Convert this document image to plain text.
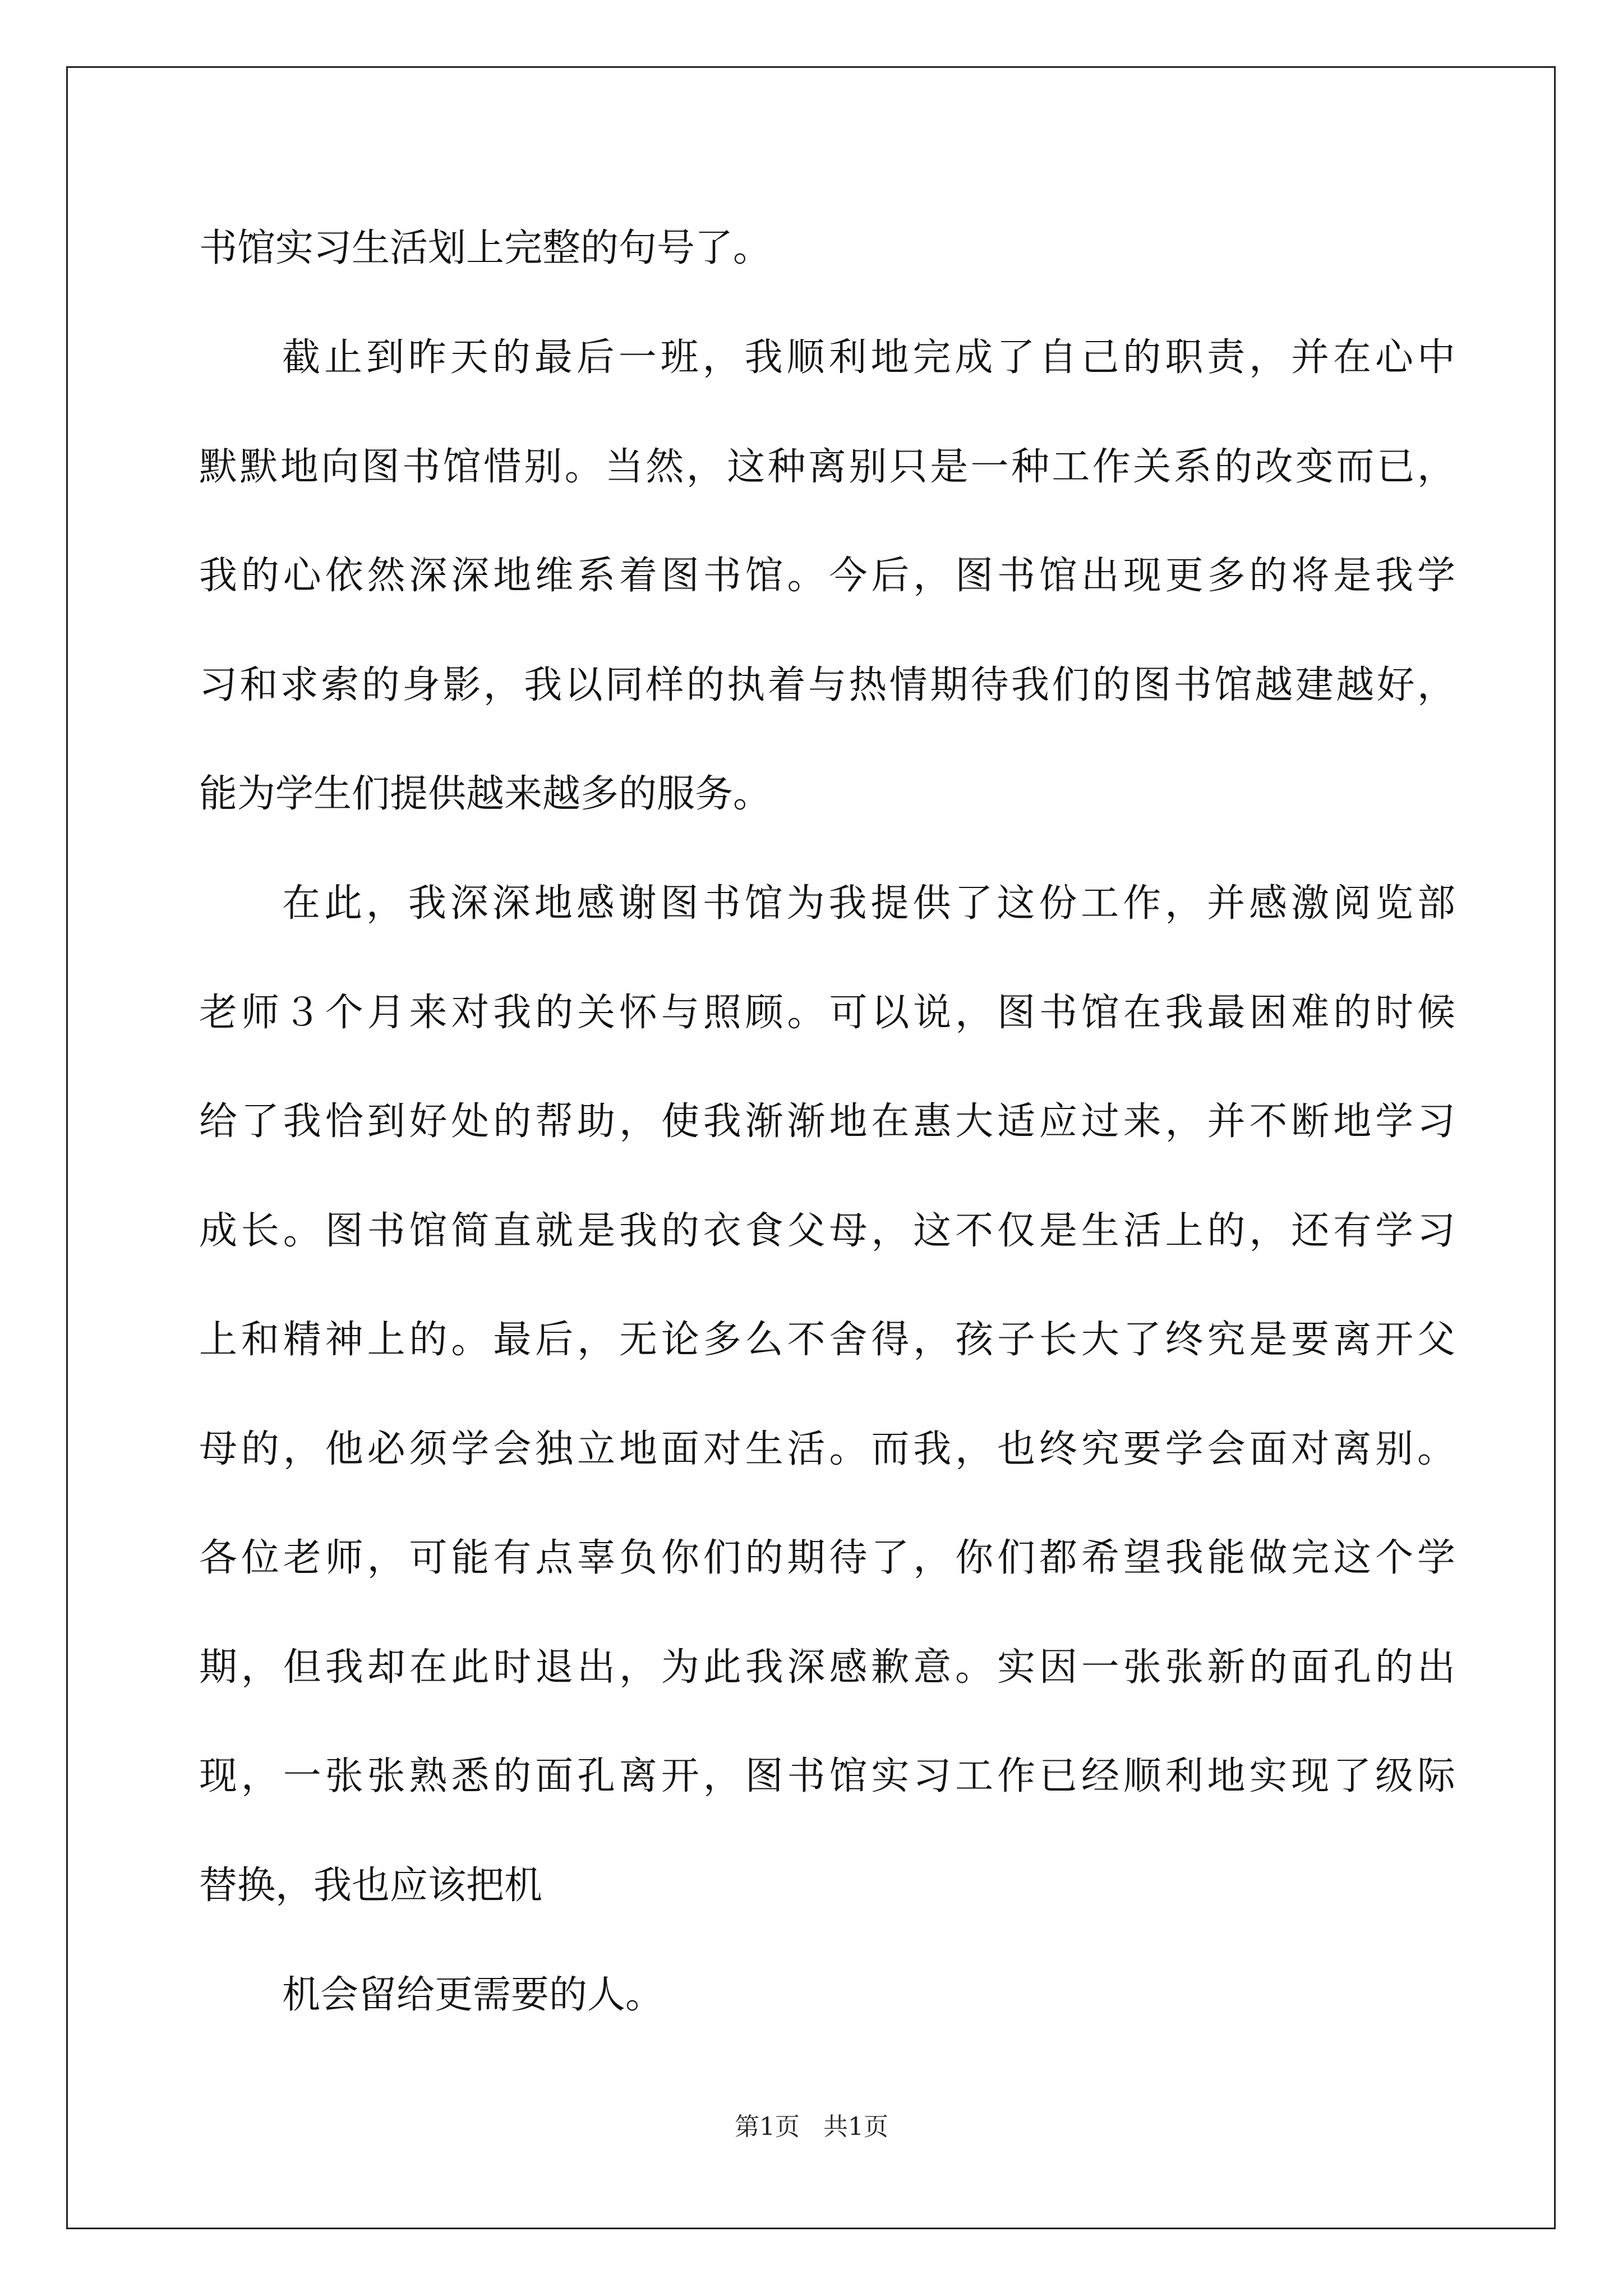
书馆实习生活划上完整的句号了。
截止到昨天的最后一班，我顺利地完成了自己的职责，并在心中
默默地向图书馆惜别。当然，这种离别只是一种工作关系的改变而已，
我的心依然深深地维系着图书馆。今后，图书馆出现更多的将是我学
习和求索的身影，我以同样的执着与热情期待我们的图书馆越建越好，
能为学生们提供越来越多的服务。
在此，我深深地感谢图书馆为我提供了这份工作，并感激阅览部
老师３个月来对我的关怀与照顾。可以说，图书馆在我最困难的时候
给了我恰到好处的帮助，使我渐渐地在惠大适应过来，并不断地学习
成长。图书馆简直就是我的衣食父母，这不仅是生活上的，还有学习
上和精神上的。最后，无论多么不舍得，孩子长大了终究是要离开父
母的，他必须学会独立地面对生活。而我，也终究要学会面对离别。
各位老师，可能有点辜负你们的期待了，你们都希望我能做完这个学
期，但我却在此时退出，为此我深感歉意。实因一张张新的面孔的出
现，一张张熟悉的面孔离开，图书馆实习工作已经顺利地实现了级际
替换，我也应该把机
机会留给更需要的人。
第1页 共1页
